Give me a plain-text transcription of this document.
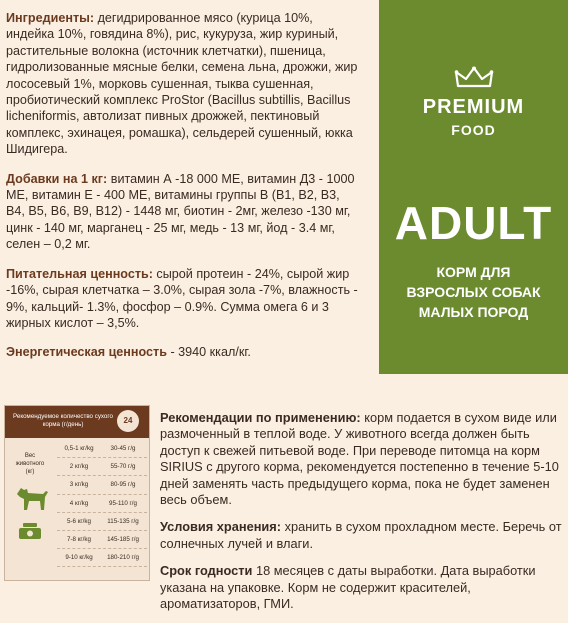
Ингредиенты: дегидрированное мясо (курица 10%, индейка 10%, говядина 8%), рис, кукуруза, жир куриный, растительные волокна (источник клетчатки), пшеница, гидролизованные мясные белки, семена льна, дрожжи, жир лососевый 1%, морковь сушенная, тыква сушенная, пробиотический комплекс ProStor (Bacillus subtillis, Bacillus licheniformis, автолизат пивных дрожжей, пектиновый комплекс, эхинацея, ромашка), сельдерей сушенный, юкка Шидигера.

Добавки на 1 кг: витамин А -18 000 МЕ, витамин Д3 - 1000 МЕ, витамин Е - 400 МЕ, витамины группы В (B1, B2, B3, B4, B5, B6, B9, B12) - 1448 мг, биотин - 2мг, железо -130 мг, цинк - 140 мг, марганец - 25 мг, медь - 13 мг, йод - 3.4 мг, селен – 0,2 мг.

Питательная ценность: сырой протеин - 24%, сырой жир -16%, сырая клетчатка – 3.0%, сырая зола -7%, влажность - 9%, кальций- 1.3%, фосфор – 0.9%. Сумма омега 6 и 3 жирных кислот – 3,5%.

Энергетическая ценность - 3940 ккал/кг.

PREMIUM
FOOD
ADULT
КОРМ ДЛЯ
ВЗРОСЛЫХ СОБАК
МАЛЫХ ПОРОД
Рекомендуемое количество сухого корма (г/день)	24
Вес животного (кг)
0,5-1 кг/kg	30-45 г/g
2 кг/kg	55-70 г/g
3 кг/kg	80-95 г/g
4 кг/kg	95-110 г/g
5-6 кг/kg	115-135 г/g
7-8 кг/kg	145-185 г/g
9-10 кг/kg	180-210 г/g

Рекомендации по применению: корм подается в сухом виде или размоченный в теплой воде. У животного всегда должен быть доступ к свежей питьевой воде. При переводе питомца на корм SIRIUS с другого корма, рекомендуется постепенно в течение 5-10 дней заменять часть предыдущего корма, пока не будет заменен весь объем.

Условия хранения: хранить в сухом прохладном месте. Беречь от солнечных лучей и влаги.

Срок годности 18 месяцев с даты выработки. Дата выработки указана на упаковке. Корм не содержит красителей, ароматизаторов, ГМИ.
